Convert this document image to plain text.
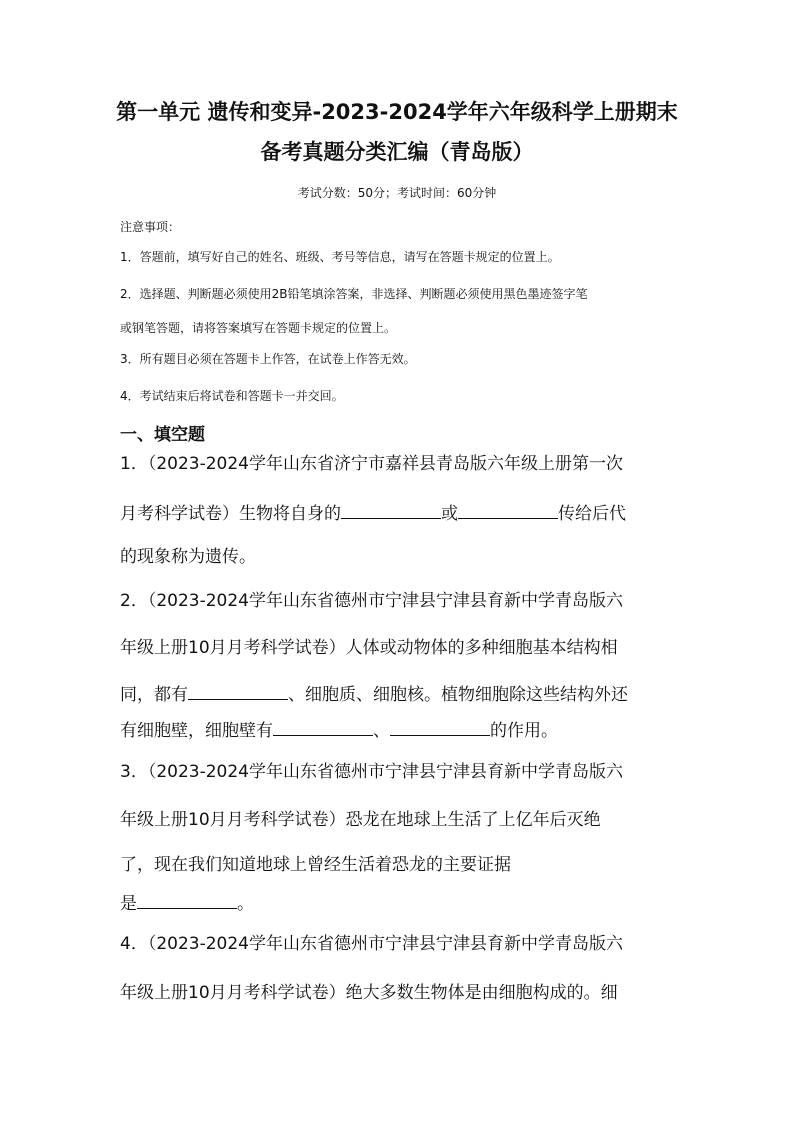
第一单元 遗传和变异-2023-2024学年六年级科学上册期末
备考真题分类汇编（青岛版）

考试分数：50分；考试时间：60分钟

注意事项：

1．答题前，填写好自己的姓名、班级、考号等信息，请写在答题卡规定的位置上。

2．选择题、判断题必须使用2B铅笔填涂答案，非选择、判断题必须使用黑色墨迹签字笔

或钢笔答题，请将答案填写在答题卡规定的位置上。

3．所有题目必须在答题卡上作答，在试卷上作答无效。

4．考试结束后将试卷和答题卡一并交回。

一、填空题

1．（2023-2024学年山东省济宁市嘉祥县青岛版六年级上册第一次

月考科学试卷）生物将自身的	或	传给后代

的现象称为遗传。

2．（2023-2024学年山东省德州市宁津县宁津县育新中学青岛版六

年级上册10月月考科学试卷）人体或动物体的多种细胞基本结构相

同，都有	、细胞质、细胞核。植物细胞除这些结构外还

有细胞壁，细胞壁有	、	的作用。

3．（2023-2024学年山东省德州市宁津县宁津县育新中学青岛版六

年级上册10月月考科学试卷）恐龙在地球上生活了上亿年后灭绝

了，现在我们知道地球上曾经生活着恐龙的主要证据

是	。

4．（2023-2024学年山东省德州市宁津县宁津县育新中学青岛版六

年级上册10月月考科学试卷）绝大多数生物体是由细胞构成的。细
